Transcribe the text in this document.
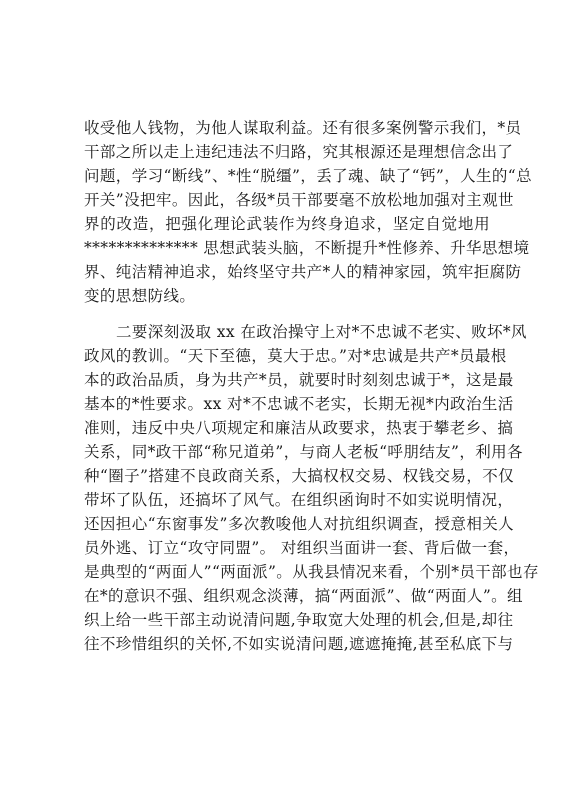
收受他人钱物，为他人谋取利益。还有很多案例警示我们，*员
干部之所以走上违纪违法不归路，究其根源还是理想信念出了
问题，学习“断线”、*性“脱缰”，丢了魂、缺了“钙”，人生的“总
开关”没把牢。因此，各级*员干部要毫不放松地加强对主观世
界的改造，把强化理论武装作为终身追求，坚定自觉地用
************** 思想武装头脑，不断提升*性修养、升华思想境
界、纯洁精神追求，始终坚守共产*人的精神家园，筑牢拒腐防
变的思想防线。
二要深刻汲取 xx 在政治操守上对*不忠诚不老实、败坏*风
政风的教训。“天下至德，莫大于忠。”对*忠诚是共产*员最根
本的政治品质，身为共产*员，就要时时刻刻忠诚于*，这是最
基本的*性要求。xx 对*不忠诚不老实，长期无视*内政治生活
准则，违反中央八项规定和廉洁从政要求，热衷于攀老乡、搞
关系，同*政干部“称兄道弟”，与商人老板“呼朋结友”，利用各
种“圈子”搭建不良政商关系，大搞权权交易、权钱交易，不仅
带坏了队伍，还搞坏了风气。在组织函询时不如实说明情况，
还因担心“东窗事发”多次教唆他人对抗组织调查，授意相关人
员外逃、订立“攻守同盟”。 对组织当面讲一套、背后做一套，
是典型的“两面人”“两面派”。从我县情况来看，个别*员干部也存
在*的意识不强、组织观念淡薄，搞“两面派”、做“两面人”。组
织上给一些干部主动说清问题,争取宽大处理的机会,但是,却往
往不珍惜组织的关怀,不如实说清问题,遮遮掩掩,甚至私底下与
